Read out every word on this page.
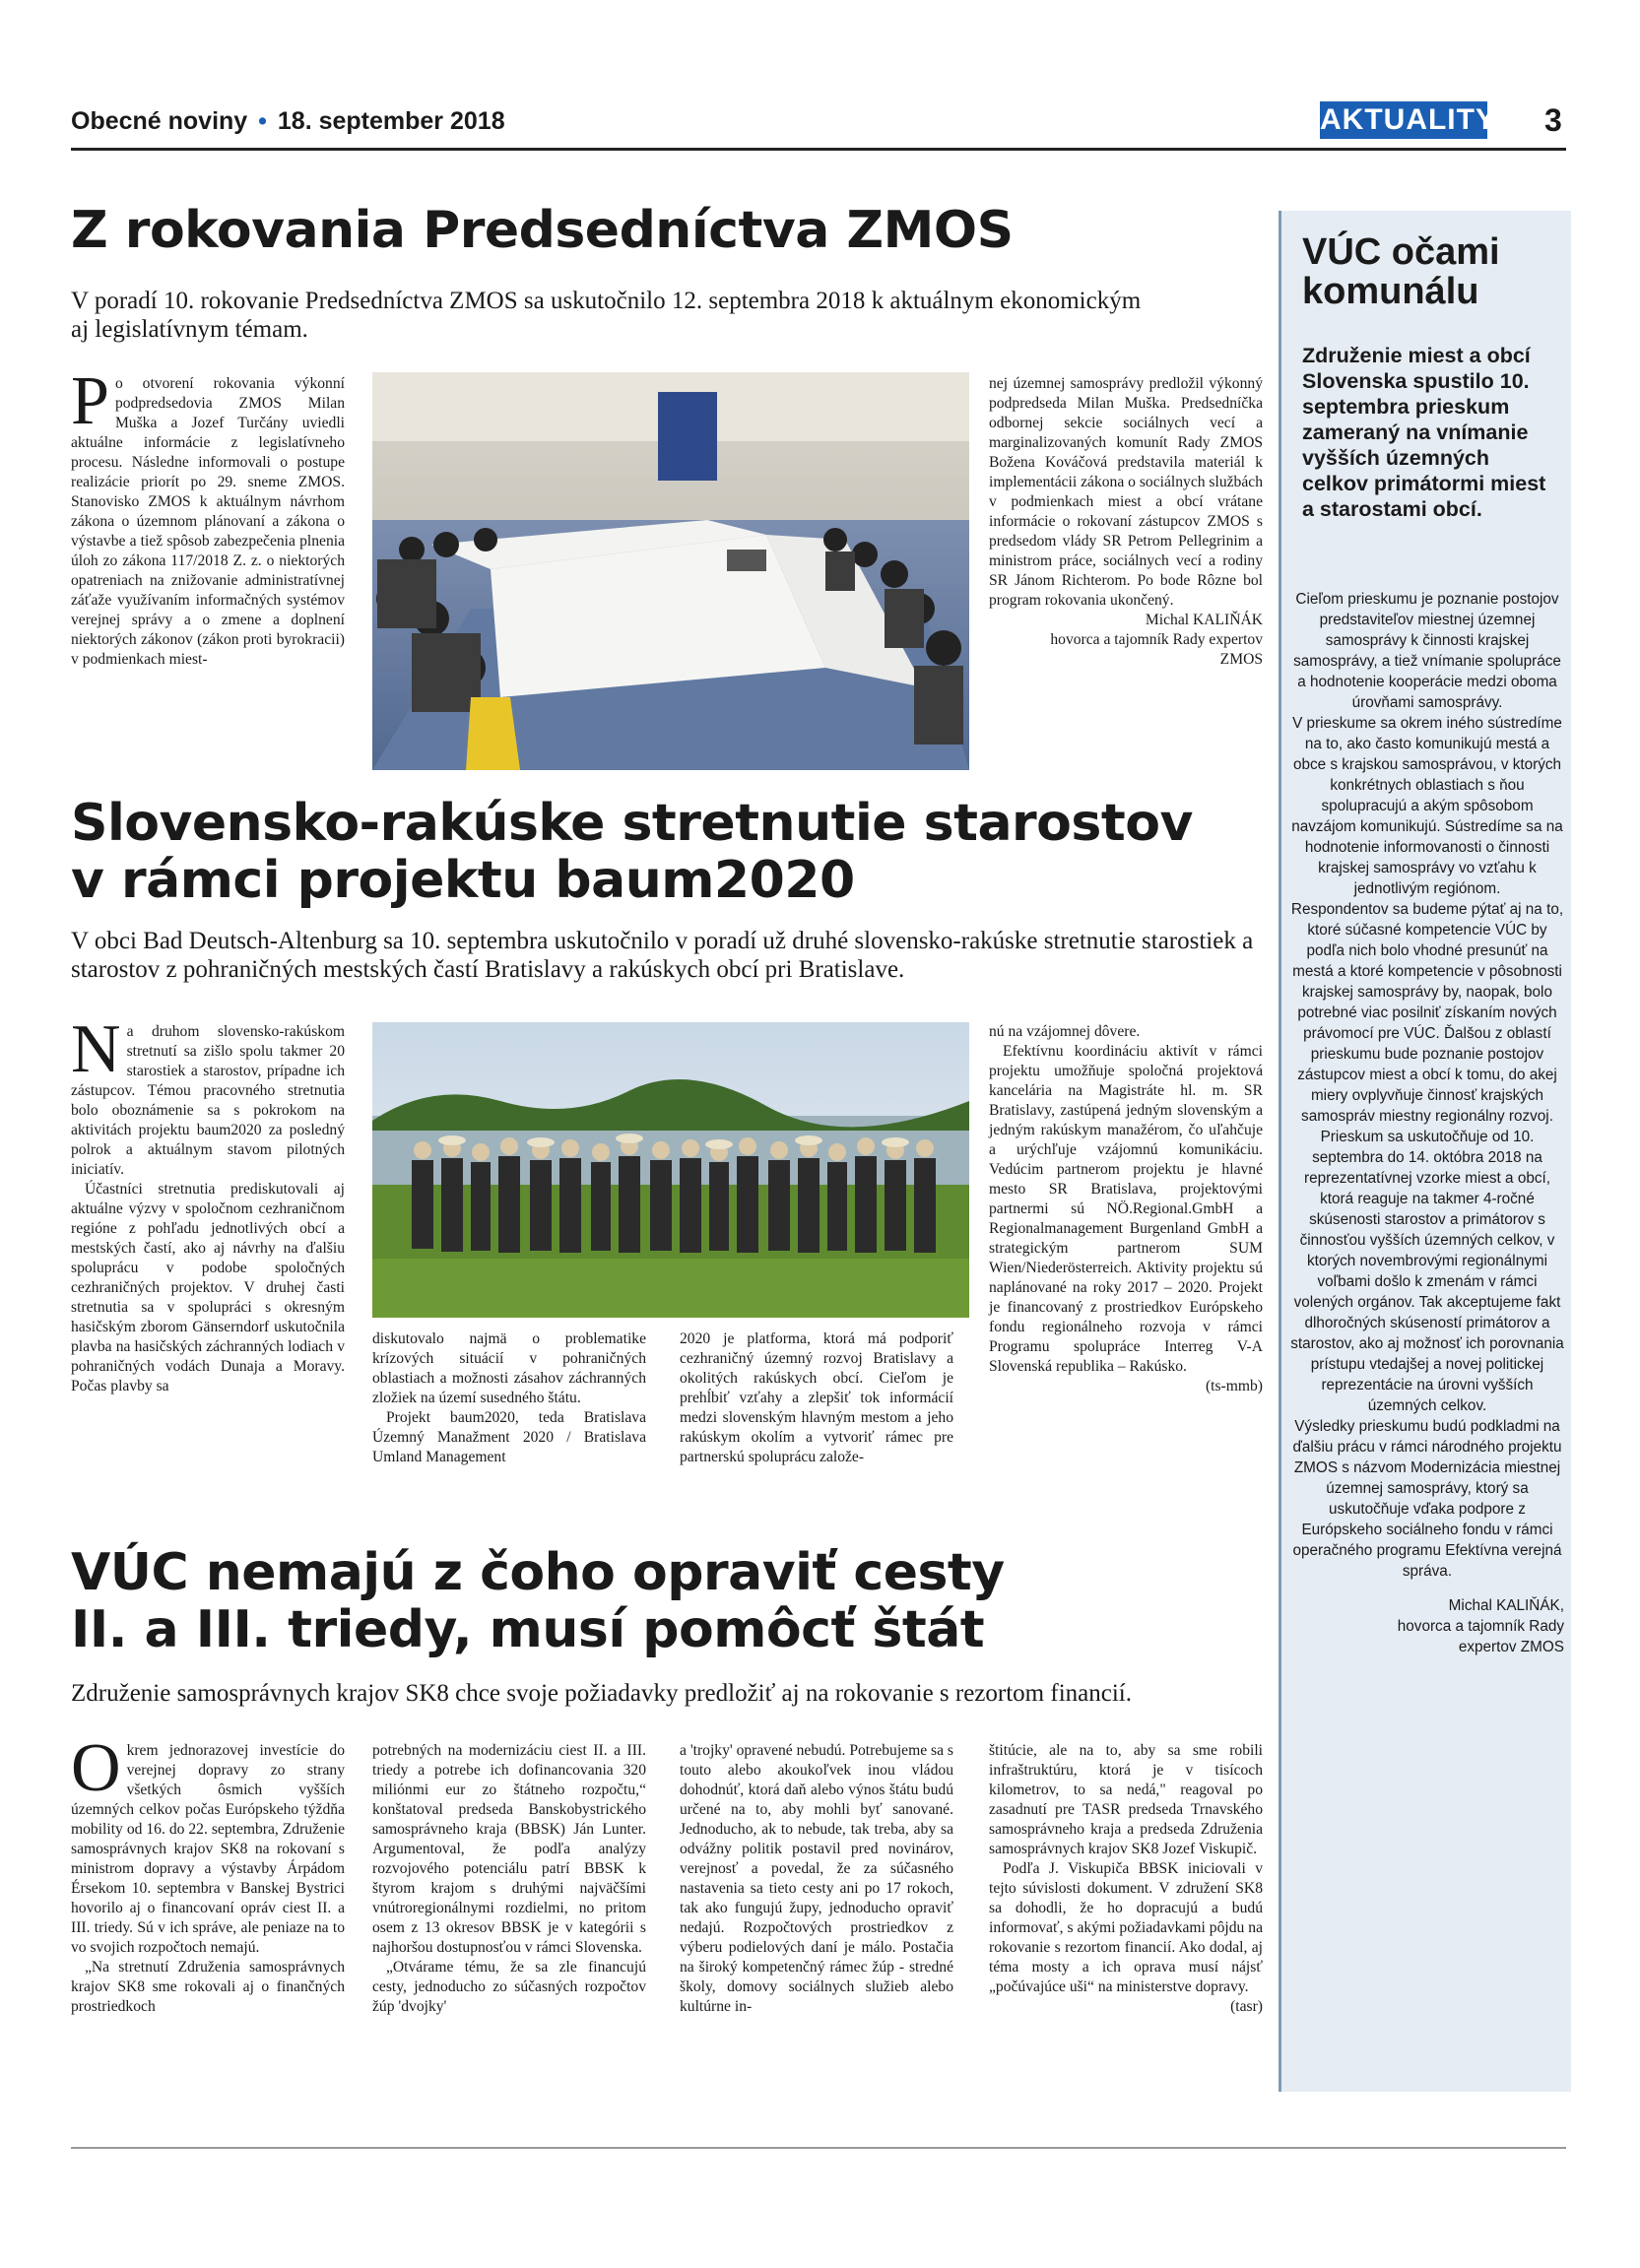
Obecné noviny • 18. september 2018	AKTUALITY 3
Z rokovania Predsedníctva ZMOS
V poradí 10. rokovanie Predsedníctva ZMOS sa uskutočnilo 12. septembra 2018 k aktuálnym ekonomickým aj legislatívnym témam.
P o otvorení rokovania výkonní podpredsedovia ZMOS Milan Muška a Jozef Turčány uviedli aktuálne informácie z legislatívneho procesu. Následne informovali o postupe realizácie priorít po 29. sneme ZMOS. Stanovisko ZMOS k aktuálnym návrhom zákona o územnom plánovaní a zákona o výstavbe a tiež spôsob zabezpečenia plnenia úloh zo zákona 117/2018 Z. z. o niektorých opatreniach na znižovanie administratívnej záťaže využívaním informačných systémov verejnej správy a o zmene a doplnení niektorých zákonov (zákon proti byrokracii) v podmienkach miest-

nej územnej samosprávy predložil výkonný podpredseda Milan Muška. Predsedníčka odbornej sekcie sociálnych vecí a marginalizovaných komunít Rady ZMOS Božena Kováčová predstavila materiál k implementácii zákona o sociálnych službách v podmienkach miest a obcí vrátane informácie o rokovaní zástupcov ZMOS s predsedom vlády SR Petrom Pellegrinim a ministrom práce, sociálnych vecí a rodiny SR Jánom Richterom. Po bode Rôzne bol program rokovania ukončený.

Michal KALIŇÁK

hovorca a tajomník Rady expertov ZMOS

Slovensko-rakúske stretnutie starostov
v rámci projektu baum2020
V obci Bad Deutsch-Altenburg sa 10. septembra uskutočnilo v poradí už druhé slovensko-rakúske stretnutie starostiek a starostov z pohraničných mestských častí Bratislavy a rakúskych obcí pri Bratislave.
N a druhom slovensko-rakúskom stretnutí sa zišlo spolu takmer 20 starostiek a starostov, prípadne ich zástupcov. Témou pracovného stretnutia bolo oboznámenie sa s pokrokom na aktivitách projektu baum2020 za posledný polrok a aktuálnym stavom pilotných iniciatív.

Účastníci stretnutia prediskutovali aj aktuálne výzvy v spoločnom cezhraničnom regióne z pohľadu jednotlivých obcí a mestských častí, ako aj návrhy na ďalšiu spoluprácu v podobe spoločných cezhraničných projektov. V druhej časti stretnutia sa v spolupráci s okresným hasičským zborom Gänserndorf uskutočnila plavba na hasičských záchranných lodiach v pohraničných vodách Dunaja a Moravy. Počas plavby sa

diskutovalo najmä o problematike krízových situácií v pohraničných oblastiach a možnosti zásahov záchranných zložiek na území susedného štátu.

Projekt baum2020, teda Bratislava Územný Manažment 2020 / Bratislava Umland Management

2020 je platforma, ktorá má podporiť cezhraničný územný rozvoj Bratislavy a okolitých rakúskych obcí. Cieľom je prehĺbiť vzťahy a zlepšiť tok informácií medzi slovenským hlavným mestom a jeho rakúskym okolím a vytvoriť rámec pre partnerskú spoluprácu založe-

nú na vzájomnej dôvere.

Efektívnu koordináciu aktivít v rámci projektu umožňuje spoločná projektová kancelária na Magistráte hl. m. SR Bratislavy, zastúpená jedným slovenským a jedným rakúskym manažérom, čo uľahčuje a urýchľuje vzájomnú komunikáciu. Vedúcim partnerom projektu je hlavné mesto SR Bratislava, projektovými partnermi sú NÖ.Regional.GmbH a Regionalmanagement Burgenland GmbH a strategickým partnerom SUM Wien/Niederösterreich. Aktivity projektu sú naplánované na roky 2017 – 2020. Projekt je financovaný z prostriedkov Európskeho fondu regionálneho rozvoja v rámci Programu spolupráce Interreg V-A Slovenská republika – Rakúsko.

(ts-mmb)

VÚC nemajú z čoho opraviť cesty
II. a III. triedy, musí pomôcť štát
Združenie samosprávnych krajov SK8 chce svoje požiadavky predložiť aj na rokovanie s rezortom financií.
O krem jednorazovej investície do verejnej dopravy zo strany všetkých ôsmich vyšších územných celkov počas Európskeho týždňa mobility od 16. do 22. septembra, Združenie samosprávnych krajov SK8 na rokovaní s ministrom dopravy a výstavby Árpádom Érsekom 10. septembra v Banskej Bystrici hovorilo aj o financovaní opráv ciest II. a III. triedy. Sú v ich správe, ale peniaze na to vo svojich rozpočtoch nemajú.

„Na stretnutí Združenia samosprávnych krajov SK8 sme rokovali aj o finančných prostriedkoch

potrebných na modernizáciu ciest II. a III. triedy a potrebe ich dofinancovania 320 miliónmi eur zo štátneho rozpočtu,“ konštatoval predseda Banskobystrického samosprávneho kraja (BBSK) Ján Lunter. Argumentoval, že podľa analýzy rozvojového potenciálu patrí BBSK k štyrom krajom s druhými najväčšími vnútroregionálnymi rozdielmi, no pritom osem z 13 okresov BBSK je v kategórii s najhoršou dostupnosťou v rámci Slovenska.

„Otvárame tému, že sa zle financujú cesty, jednoducho zo súčasných rozpočtov žúp 'dvojky'

a 'trojky' opravené nebudú. Potrebujeme sa s touto alebo akoukoľvek inou vládou dohodnúť, ktorá daň alebo výnos štátu budú určené na to, aby mohli byť sanované. Jednoducho, ak to nebude, tak treba, aby sa odvážny politik postavil pred novinárov, verejnosť a povedal, že za súčasného nastavenia sa tieto cesty ani po 17 rokoch, tak ako fungujú župy, jednoducho opraviť nedajú. Rozpočtových prostriedkov z výberu podielových daní je málo. Postačia na široký kompetenčný rámec žúp - stredné školy, domovy sociálnych služieb alebo kultúrne in-

štitúcie, ale na to, aby sa sme robili infraštruktúru, ktorá je v tisícoch kilometrov, to sa nedá," reagoval po zasadnutí pre TASR predseda Trnavského samosprávneho kraja a predseda Združenia samosprávnych krajov SK8 Jozef Viskupič.

Podľa J. Viskupiča BBSK iniciovali v tejto súvislosti dokument. V združení SK8 sa dohodli, že ho dopracujú a budú informovať, s akými požiadavkami pôjdu na rokovanie s rezortom financií. Ako dodal, aj téma mosty a ich oprava musí nájsť „počúvajúce uši“ na ministerstve dopravy.

(tasr)

VÚC očami komunálu
Združenie miest a obcí Slovenska spustilo 10. septembra prieskum zameraný na vnímanie vyšších územných celkov primátormi miest a starostami obcí.

Cieľom prieskumu je poznanie postojov predstaviteľov miestnej územnej samosprávy k činnosti krajskej samosprávy, a tiež vnímanie spolupráce a hodnotenie kooperácie medzi oboma úrovňami samosprávy.

V prieskume sa okrem iného sústredíme na to, ako často komunikujú mestá a obce s krajskou samosprávou, v ktorých konkrétnych oblastiach s ňou spolupracujú a akým spôsobom navzájom komunikujú. Sústredíme sa na hodnotenie informovanosti o činnosti krajskej samosprávy vo vzťahu k jednotlivým regiónom.

Respondentov sa budeme pýtať aj na to, ktoré súčasné kompetencie VÚC by podľa nich bolo vhodné presunúť na mestá a ktoré kompetencie v pôsobnosti krajskej samosprávy by, naopak, bolo potrebné viac posilniť získaním nových právomocí pre VÚC. Ďalšou z oblastí prieskumu bude poznanie postojov zástupcov miest a obcí k tomu, do akej miery ovplyvňuje činnosť krajských samospráv miestny regionálny rozvoj.

Prieskum sa uskutočňuje od 10. septembra do 14. októbra 2018 na reprezentatívnej vzorke miest a obcí, ktorá reaguje na takmer 4-ročné skúsenosti starostov a primátorov s činnosťou vyšších územných celkov, v ktorých novembrovými regionálnymi voľbami došlo k zmenám v rámci volených orgánov. Tak akceptujeme fakt dlhoročných skúseností primátorov a starostov, ako aj možnosť ich porovnania prístupu vtedajšej a novej politickej reprezentácie na úrovni vyšších územných celkov.

Výsledky prieskumu budú podkladmi na ďalšiu prácu v rámci národného projektu ZMOS s názvom Modernizácia miestnej územnej samosprávy, ktorý sa uskutočňuje vďaka podpore z Európskeho sociálneho fondu v rámci operačného programu Efektívna verejná správa.

Michal KALIŇÁK,
hovorca a tajomník Rady
expertov ZMOS
